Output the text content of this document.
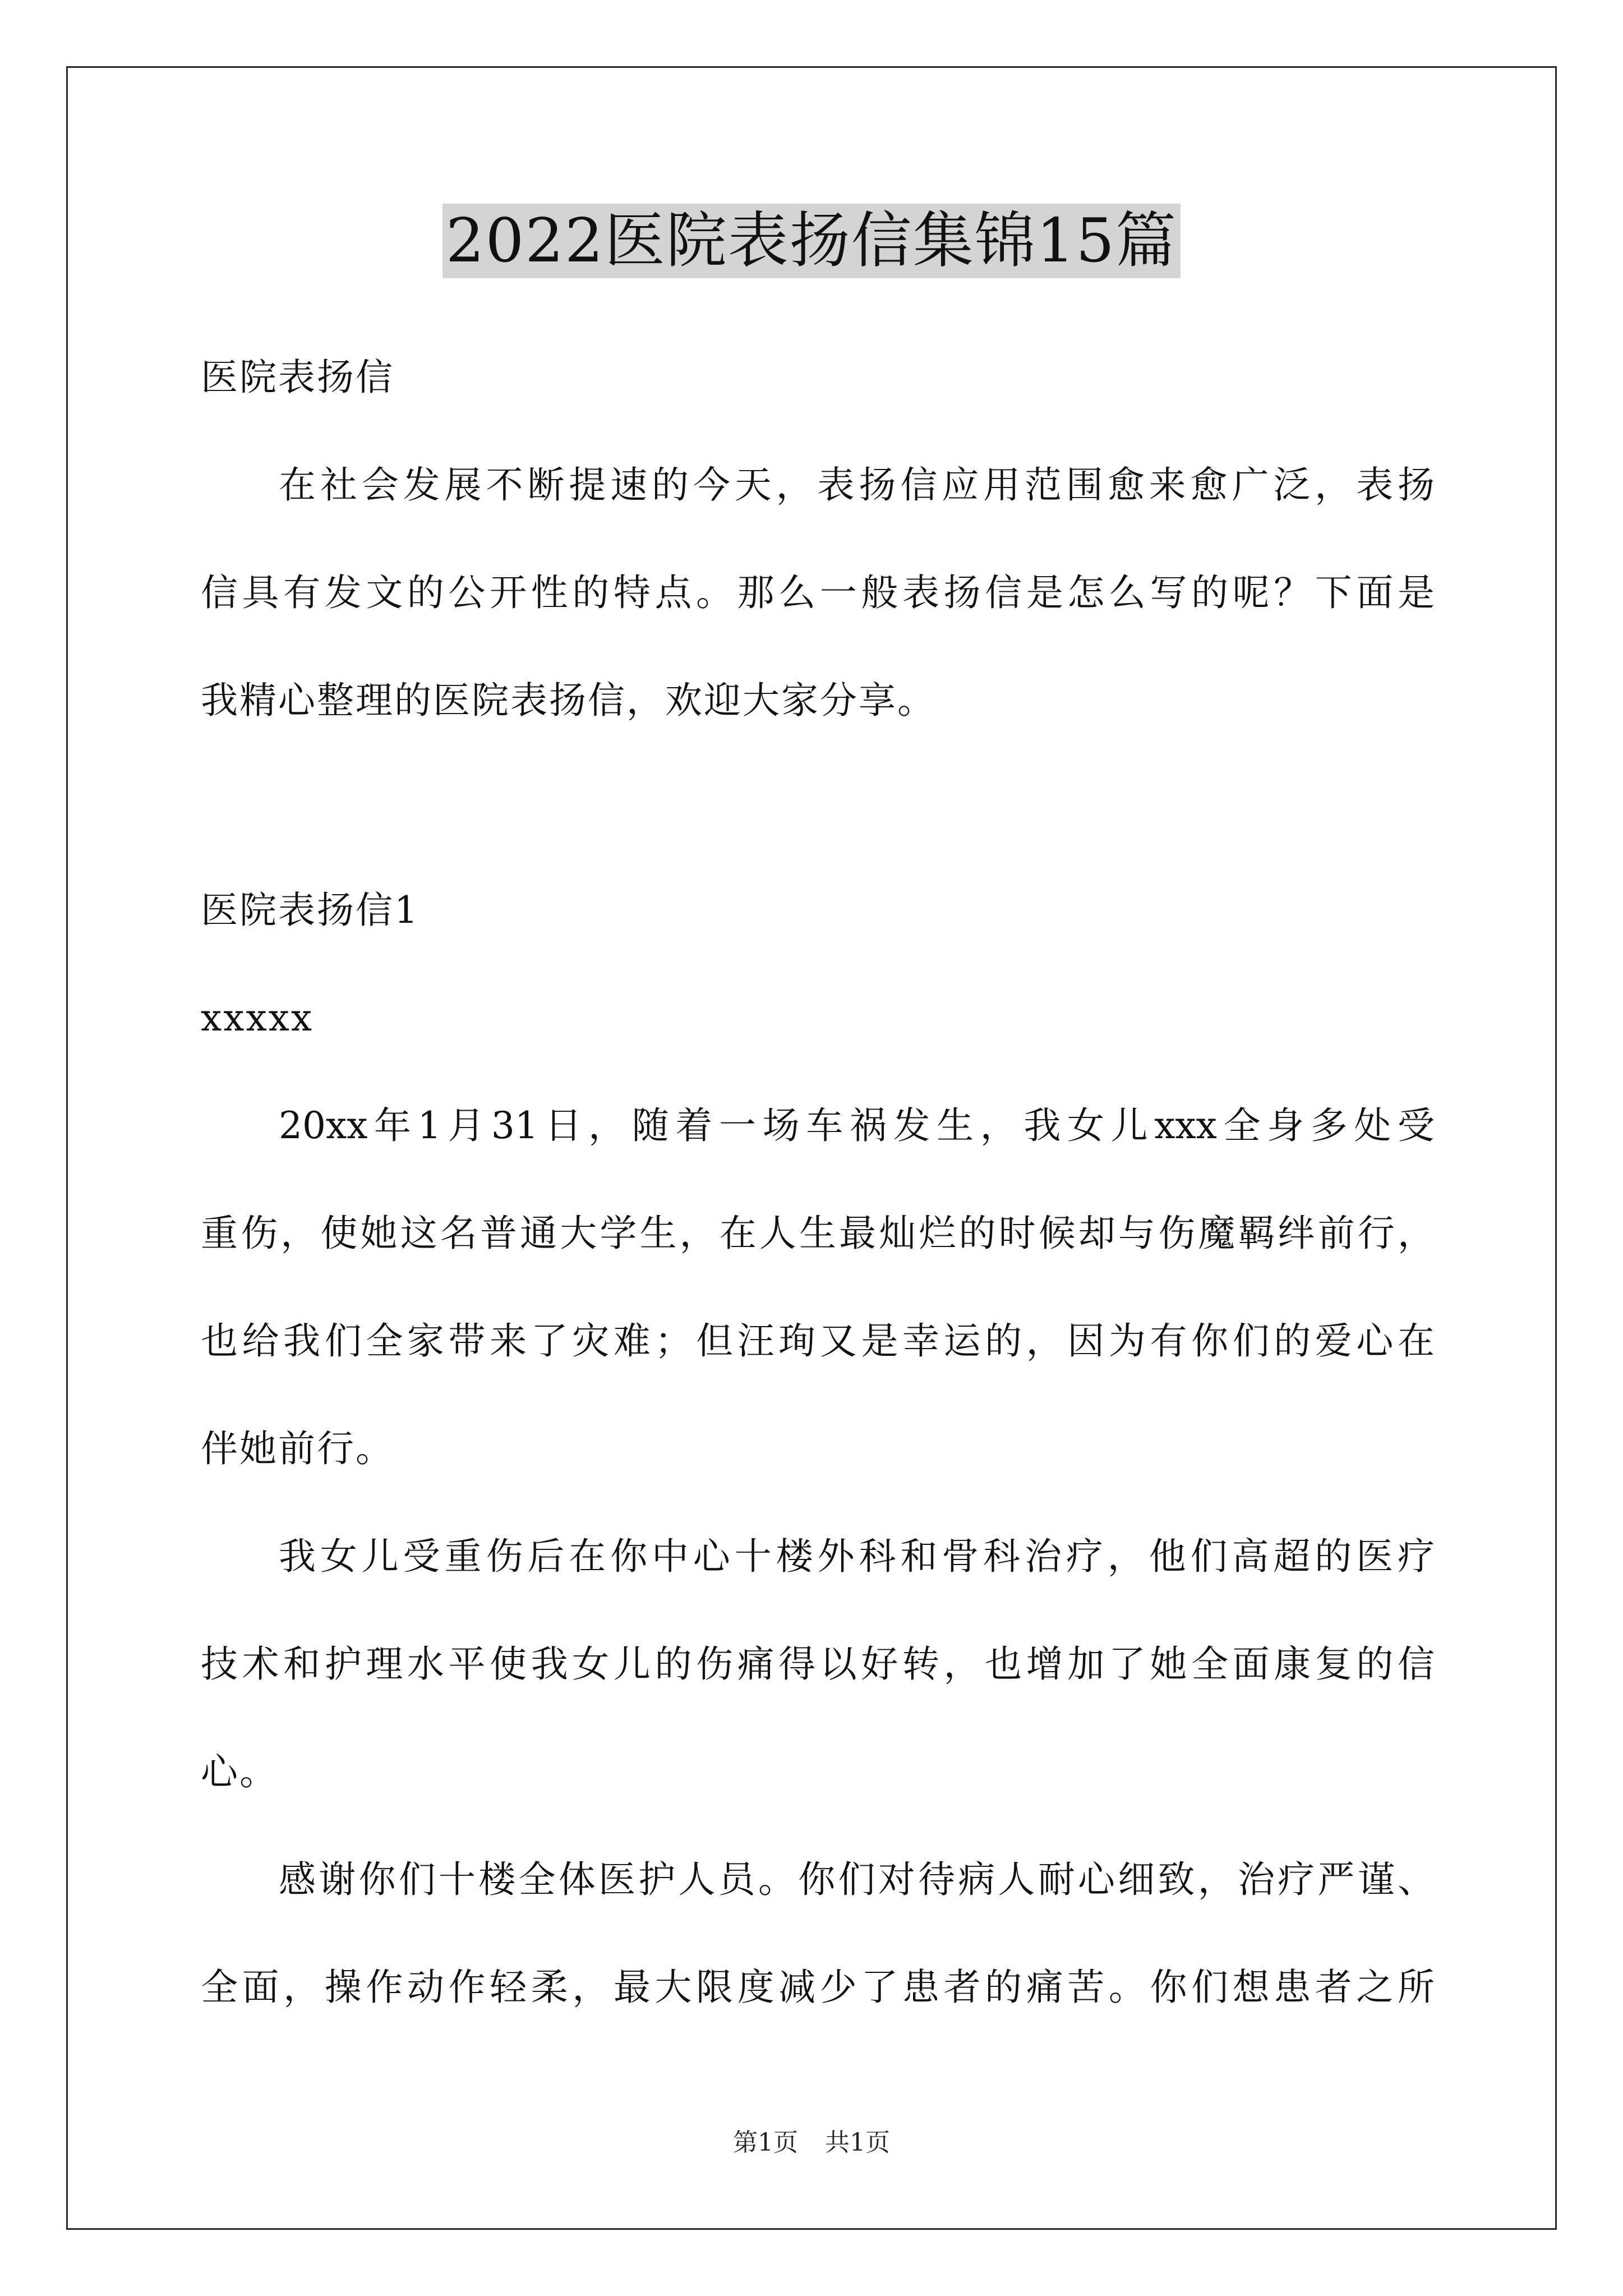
2022医院表扬信集锦15篇

医院表扬信

在社会发展不断提速的今天，表扬信应用范围愈来愈广泛，表扬

信具有发文的公开性的特点。那么一般表扬信是怎么写的呢？下面是

我精心整理的医院表扬信，欢迎大家分享。

医院表扬信1

xxxxx

20xx年1月31日，随着一场车祸发生，我女儿xxx全身多处受

重伤，使她这名普通大学生，在人生最灿烂的时候却与伤魔羁绊前行，

也给我们全家带来了灾难；但汪珣又是幸运的，因为有你们的爱心在

伴她前行。

我女儿受重伤后在你中心十楼外科和骨科治疗，他们高超的医疗

技术和护理水平使我女儿的伤痛得以好转，也增加了她全面康复的信

心。

感谢你们十楼全体医护人员。你们对待病人耐心细致，治疗严谨、

全面，操作动作轻柔，最大限度减少了患者的痛苦。你们想患者之所

第1页 共1页
